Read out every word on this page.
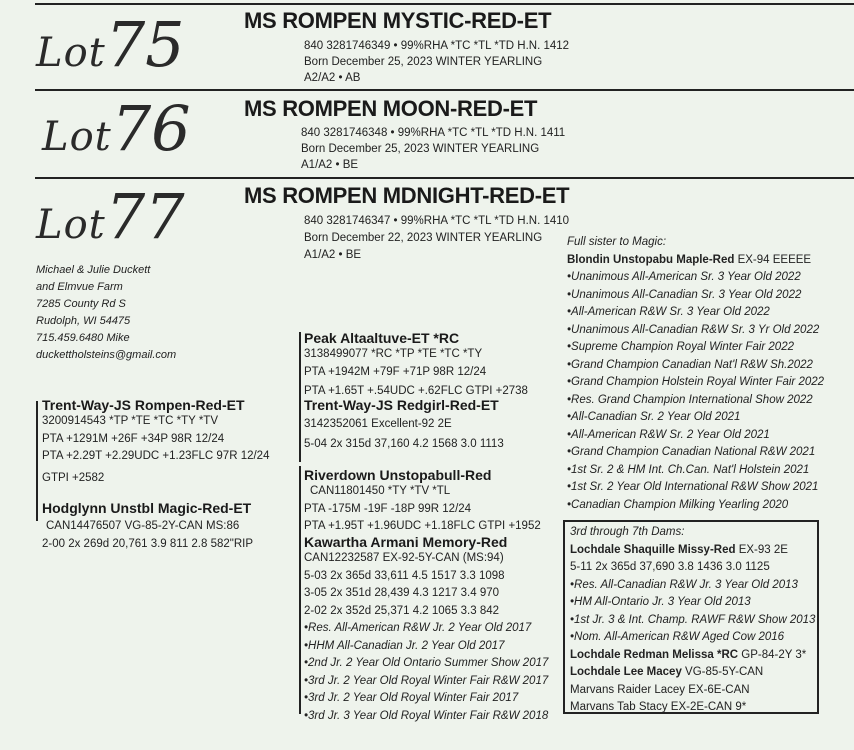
Lot75	MS ROMPEN MYSTIC-RED-ET
840 3281746349 • 99%RHA *TC *TL *TD H.N. 1412
Born December 25, 2023 WINTER YEARLING
A2/A2 • AB
Lot76 MS ROMPEN MOON-RED-ET
840 3281746348 • 99%RHA *TC *TL *TD H.N. 1411
Born December 25, 2023 WINTER YEARLING
A1/A2 • BE
Lot77	MS ROMPEN MDNIGHT-RED-ET
840 3281746347 • 99%RHA *TC *TL *TD H.N. 1410
Born December 22, 2023 WINTER YEARLING
A1/A2 • BE
Michael & Julie Duckett
and Elmvue Farm
7285 County Rd S
Rudolph, WI 54475
715.459.6480 Mike
duckettholsteins@gmail.com
Trent-Way-JS Rompen-Red-ET
3200914543 *TP *TE *TC *TY *TV
PTA +1291M +26F +34P 98R 12/24
PTA +2.29T +2.29UDC +1.23FLC 97R 12/24
GTPI +2582
Peak Altaaltuve-ET *RC
3138499077 *RC *TP *TE *TC *TY
PTA +1942M +79F +71P 98R 12/24
PTA +1.65T +.54UDC +.62FLC GTPI +2738
Trent-Way-JS Redgirl-Red-ET
3142352061 Excellent-92 2E
5-04 2x 315d 37,160 4.2 1568 3.0 1113
Hodglynn Unstbl Magic-Red-ET
CAN14476507 VG-85-2Y-CAN MS:86
2-00 2x 269d 20,761 3.9 811 2.8 582"RIP
Riverdown Unstopabull-Red
CAN11801450 *TY *TV *TL
PTA -175M -19F -18P 99R 12/24
PTA +1.95T +1.96UDC +1.18FLC GTPI +1952
Kawartha Armani Memory-Red
CAN12232587 EX-92-5Y-CAN (MS:94)
5-03 2x 365d 33,611 4.5 1517 3.3 1098
3-05 2x 351d 28,439 4.3 1217 3.4 970
2-02 2x 352d 25,371 4.2 1065 3.3 842
•Res. All-American R&W Jr. 2 Year Old 2017
•HHM All-Canadian Jr. 2 Year Old 2017
•2nd Jr. 2 Year Old Ontario Summer Show 2017
•3rd Jr. 2 Year Old Royal Winter Fair R&W 2017
•3rd Jr. 2 Year Old Royal Winter Fair 2017
•3rd Jr. 3 Year Old Royal Winter Fair R&W 2018
Full sister to Magic:
Blondin Unstopabu Maple-Red EX-94 EEEEE
•Unanimous All-American Sr. 3 Year Old 2022
•Unanimous All-Canadian Sr. 3 Year Old 2022
•All-American R&W Sr. 3 Year Old 2022
•Unanimous All-Canadian R&W Sr. 3 Yr Old 2022
•Supreme Champion Royal Winter Fair 2022
•Grand Champion Canadian Nat'l R&W Sh.2022
•Grand Champion Holstein Royal Winter Fair 2022
•Res. Grand Champion International Show 2022
•All-Canadian Sr. 2 Year Old 2021
•All-American R&W Sr. 2 Year Old 2021
•Grand Champion Canadian National R&W 2021
•1st Sr. 2 & HM Int. Ch.Can. Nat'l Holstein 2021
•1st Sr. 2 Year Old International R&W Show 2021
•Canadian Champion Milking Yearling 2020
3rd through 7th Dams:
Lochdale Shaquille Missy-Red EX-93 2E
5-11 2x 365d 37,690 3.8 1436 3.0 1125
•Res. All-Canadian R&W Jr. 3 Year Old 2013
•HM All-Ontario Jr. 3 Year Old 2013
•1st Jr. 3 & Int. Champ. RAWF R&W Show 2013
•Nom. All-American R&W Aged Cow 2016
Lochdale Redman Melissa *RC GP-84-2Y 3*
Lochdale Lee Macey VG-85-5Y-CAN
Marvans Raider Lacey EX-6E-CAN
Marvans Tab Stacy EX-2E-CAN 9*
